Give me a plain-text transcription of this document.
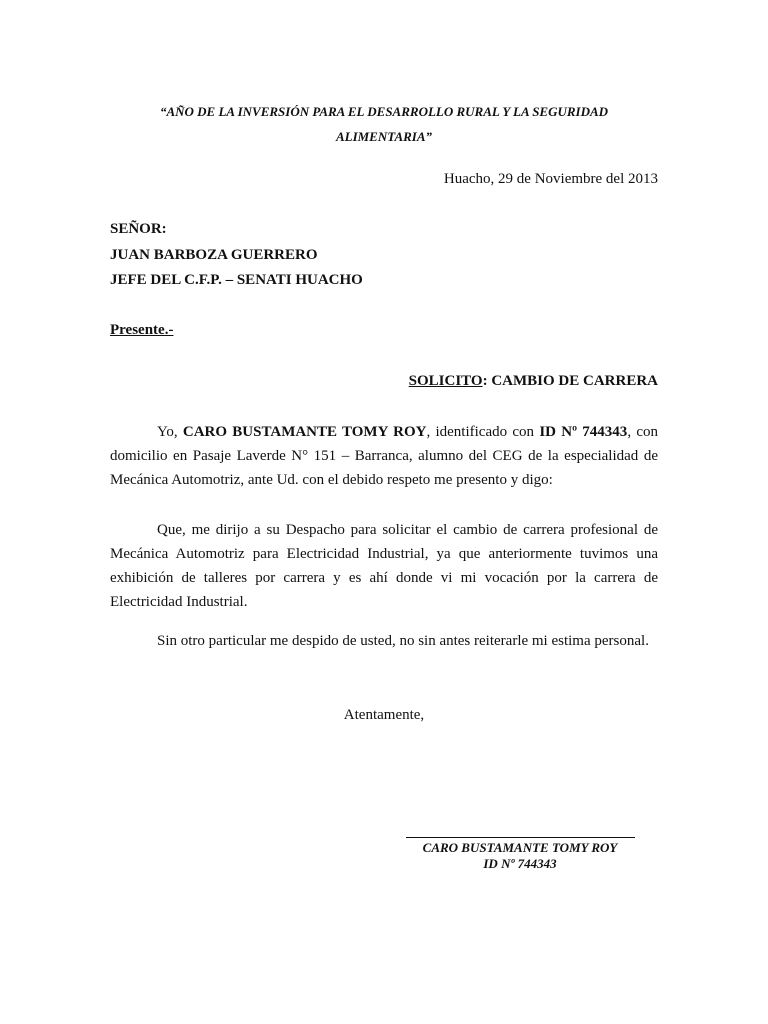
“AÑO DE LA INVERSIÓN PARA EL DESARROLLO RURAL Y LA SEGURIDAD
ALIMENTARIA”
Huacho, 29 de Noviembre del 2013
SEÑOR:
JUAN BARBOZA GUERRERO
JEFE DEL C.F.P. – SENATI HUACHO
Presente.-
SOLICITO: CAMBIO DE CARRERA

Yo, CARO BUSTAMANTE TOMY ROY, identificado con ID Nº 744343, con domicilio en Pasaje Laverde N° 151 – Barranca, alumno del CEG de la especialidad de Mecánica Automotriz, ante Ud. con el debido respeto me presento y digo:

Que, me dirijo a su Despacho para solicitar el cambio de carrera profesional de Mecánica Automotriz para Electricidad Industrial, ya que anteriormente tuvimos una exhibición de talleres por carrera y es ahí donde vi mi vocación por la carrera de Electricidad Industrial.

Sin otro particular me despido de usted, no sin antes reiterarle mi estima personal.

Atentamente,
CARO BUSTAMANTE TOMY ROY
ID Nº 744343
